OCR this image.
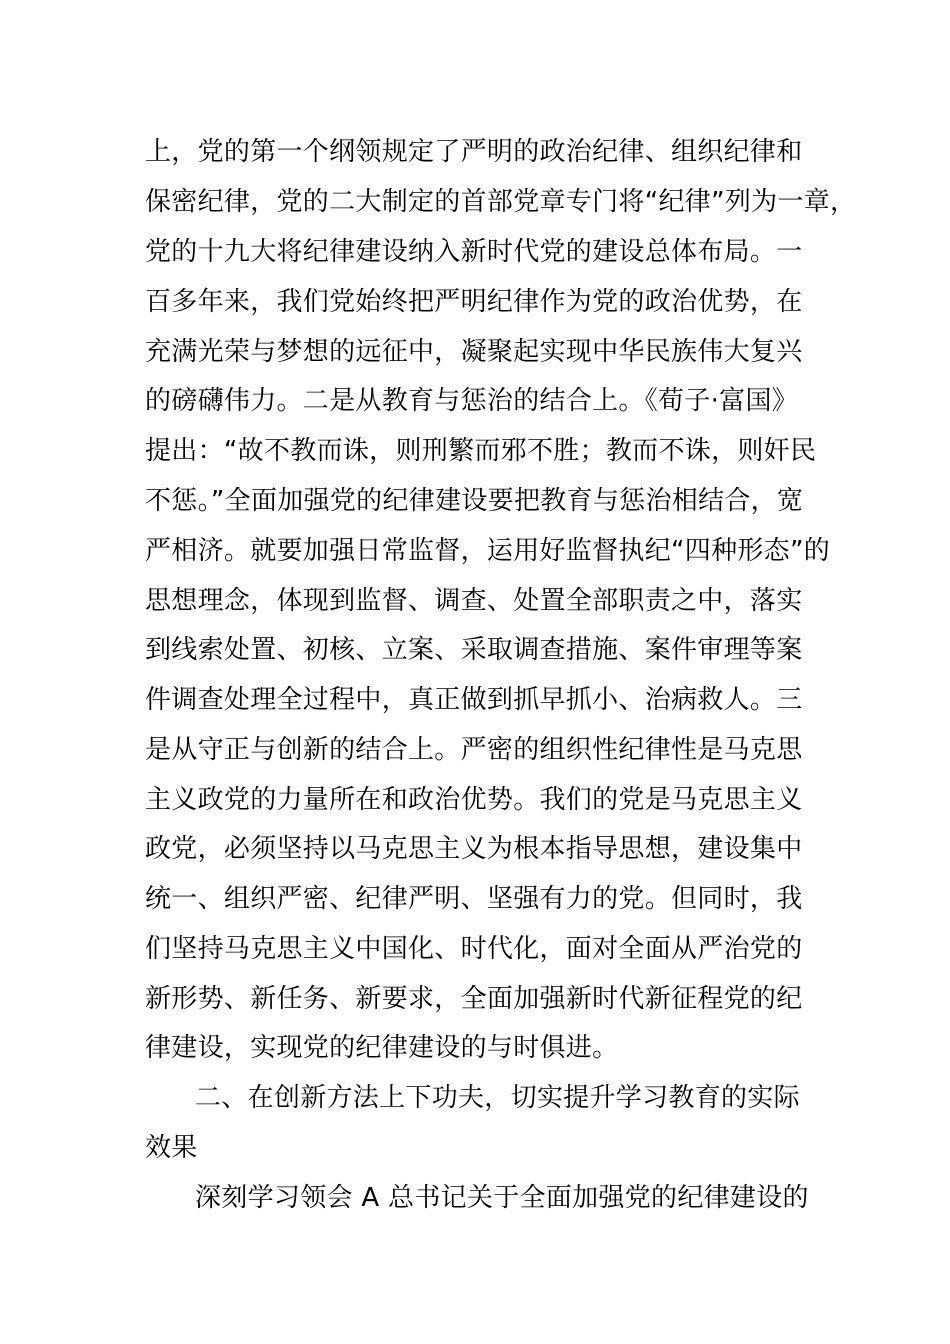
上，党的第一个纲领规定了严明的政治纪律、组织纪律和
保密纪律，党的二大制定的首部党章专门将“纪律”列为一章，
党的十九大将纪律建设纳入新时代党的建设总体布局。一
百多年来，我们党始终把严明纪律作为党的政治优势，在
充满光荣与梦想的远征中，凝聚起实现中华民族伟大复兴
的磅礴伟力。二是从教育与惩治的结合上。《荀子·富国》
提出：“故不教而诛，则刑繁而邪不胜；教而不诛，则奸民
不惩。”全面加强党的纪律建设要把教育与惩治相结合，宽
严相济。就要加强日常监督，运用好监督执纪“四种形态”的
思想理念，体现到监督、调查、处置全部职责之中，落实
到线索处置、初核、立案、采取调查措施、案件审理等案
件调查处理全过程中，真正做到抓早抓小、治病救人。三
是从守正与创新的结合上。严密的组织性纪律性是马克思
主义政党的力量所在和政治优势。我们的党是马克思主义
政党，必须坚持以马克思主义为根本指导思想，建设集中
统一、组织严密、纪律严明、坚强有力的党。但同时，我
们坚持马克思主义中国化、时代化，面对全面从严治党的
新形势、新任务、新要求，全面加强新时代新征程党的纪
律建设，实现党的纪律建设的与时俱进。
二、在创新方法上下功夫，切实提升学习教育的实际
效果
深刻学习领会 A 总书记关于全面加强党的纪律建设的
